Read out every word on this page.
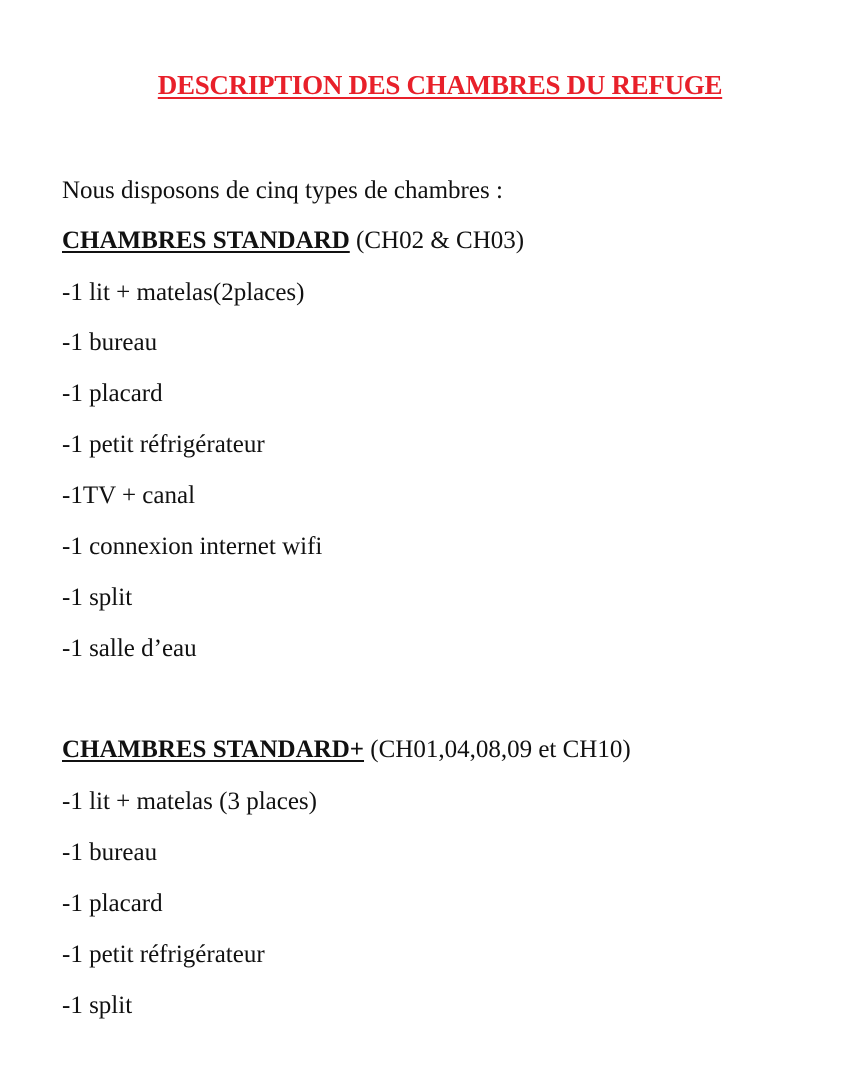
DESCRIPTION DES CHAMBRES DU REFUGE

Nous disposons de cinq types de chambres :

CHAMBRES STANDARD (CH02 & CH03)

-1 lit + matelas(2places)

-1 bureau

-1 placard

-1 petit réfrigérateur

-1TV + canal

-1 connexion internet wifi

-1 split

-1 salle d’eau

CHAMBRES STANDARD+ (CH01,04,08,09 et CH10)

-1 lit + matelas (3 places)

-1 bureau

-1 placard

-1 petit réfrigérateur

-1 split
